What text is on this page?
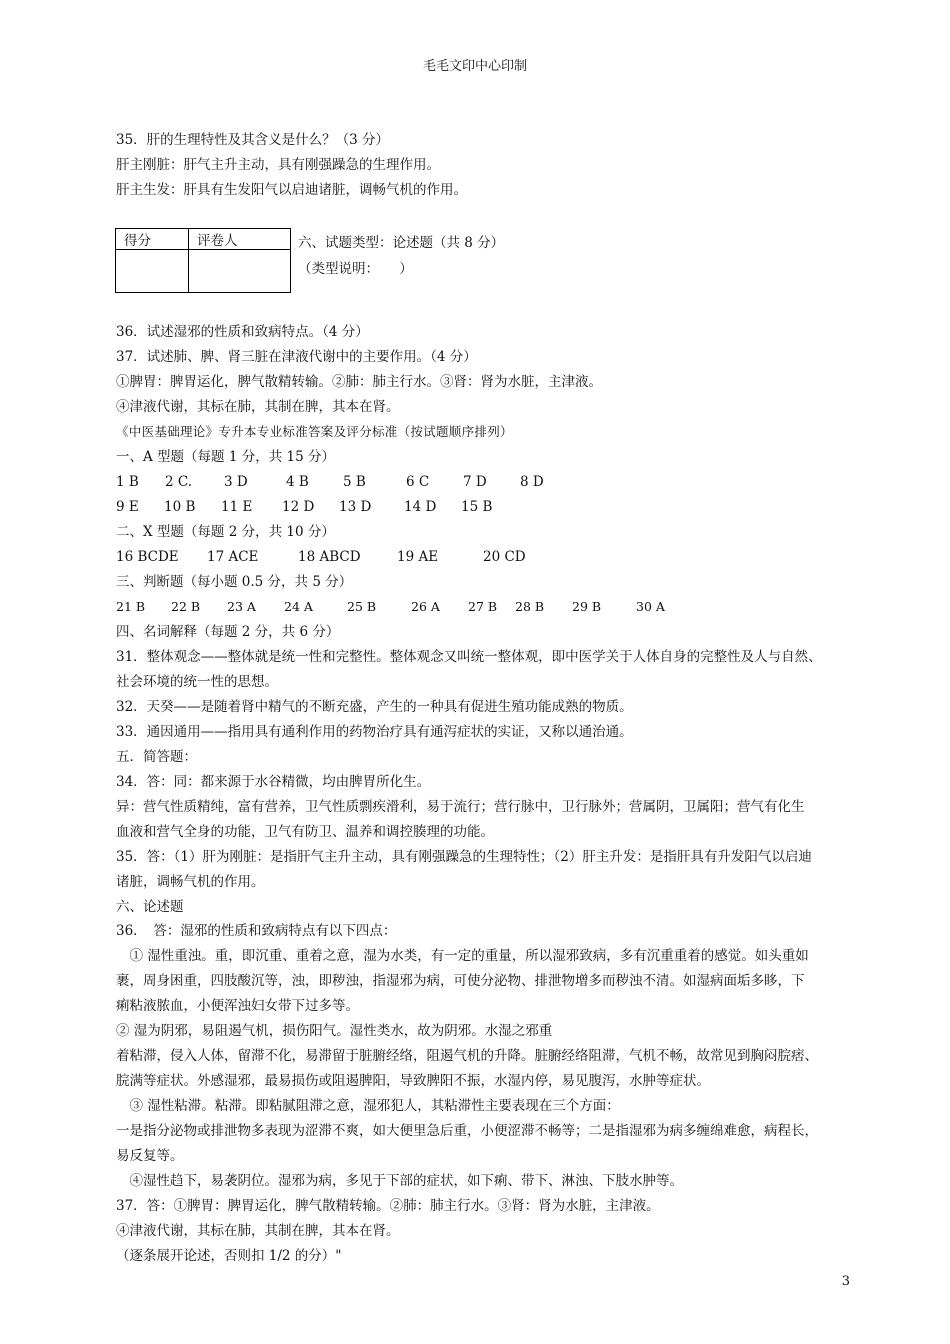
毛毛文印中心印制
35．肝的生理特性及其含义是什么？（3 分）
肝主刚脏：肝气主升主动，具有刚强躁急的生理作用。
肝主生发：肝具有生发阳气以启迪诸脏，调畅气机的作用。
得分	评卷人
		六、试题类型：论述题（共 8 分）
（类型说明：　　）
36．试述湿邪的性质和致病特点。（4 分）
37．试述肺、脾、肾三脏在津液代谢中的主要作用。（4 分）
①脾胃：脾胃运化，脾气散精转输。②肺：肺主行水。③肾：肾为水脏，主津液。
④津液代谢，其标在肺，其制在脾，其本在肾。
《中医基础理论》专升本专业标准答案及评分标准（按试题顺序排列）
一、A 型题（每题 1 分，共 15 分）
1 B 2 C. 3 D	4 B	5 B	6 C	7 D 8 D
9 E 10 B 11 E 12 D 13 D 14 D 15 B
二、X 型题（每题 2 分，共 10 分）
16 BCDE 17 ACE	18 ABCD	19 AE	20 CD
三、判断题（每小题 0.5 分，共 5 分）
21 B 22 B 23 A 24 A	25 B	26 A 27 B 28 B 29 B	30 A
四、名词解释（每题 2 分，共 6 分）
31．整体观念——整体就是统一性和完整性。整体观念又叫统一整体观，即中医学关于人体自身的完整性及人与自然、
社会环境的统一性的思想。
32．天癸——是随着肾中精气的不断充盛，产生的一种具有促进生殖功能成熟的物质。
33．通因通用——指用具有通利作用的药物治疗具有通泻症状的实证，又称以通治通。
五．简答题：
34．答：同：都来源于水谷精微，均由脾胃所化生。
异：营气性质精纯，富有营养，卫气性质剽疾滑利，易于流行；营行脉中，卫行脉外；营属阴，卫属阳；营气有化生
血液和营气全身的功能，卫气有防卫、温养和调控腠理的功能。
35．答：（1）肝为刚脏：是指肝气主升主动，具有刚强躁急的生理特性；（2）肝主升发：是指肝具有升发阳气以启迪
诸脏，调畅气机的作用。
六、论述题
36．　答：湿邪的性质和致病特点有以下四点：
　① 湿性重浊。重，即沉重、重着之意，湿为水类，有一定的重量，所以湿邪致病，多有沉重重着的感觉。如头重如
裹，周身困重，四肢酸沉等，浊，即秽浊，指湿邪为病，可使分泌物、排泄物增多而秽浊不清。如湿病面垢多眵，下
痢粘液脓血，小便浑浊妇女带下过多等。
② 湿为阴邪，易阻遏气机，损伤阳气。湿性类水，故为阴邪。水湿之邪重
着粘滞，侵入人体，留滞不化，易滞留于脏腑经络，阻遏气机的升降。脏腑经络阻滞，气机不畅，故常见到胸闷脘痞、
脘满等症状。外感湿邪，最易损伤或阻遏脾阳，导致脾阳不振，水湿内停，易见腹泻，水肿等症状。
　③ 湿性粘滞。粘滞。即粘腻阻滞之意，湿邪犯人，其粘滞性主要表现在三个方面：
一是指分泌物或排泄物多表现为涩滞不爽，如大便里急后重，小便涩滞不畅等；二是指湿邪为病多缠绵难愈，病程长，
易反复等。
　④湿性趋下，易袭阴位。湿邪为病，多见于下部的症状，如下痢、带下、淋浊、下肢水肿等。
37．答：①脾胃：脾胃运化，脾气散精转输。②肺：肺主行水。③肾：肾为水脏，主津液。
④津液代谢，其标在肺，其制在脾，其本在肾。
（逐条展开论述，否则扣 1/2 的分）"
3
